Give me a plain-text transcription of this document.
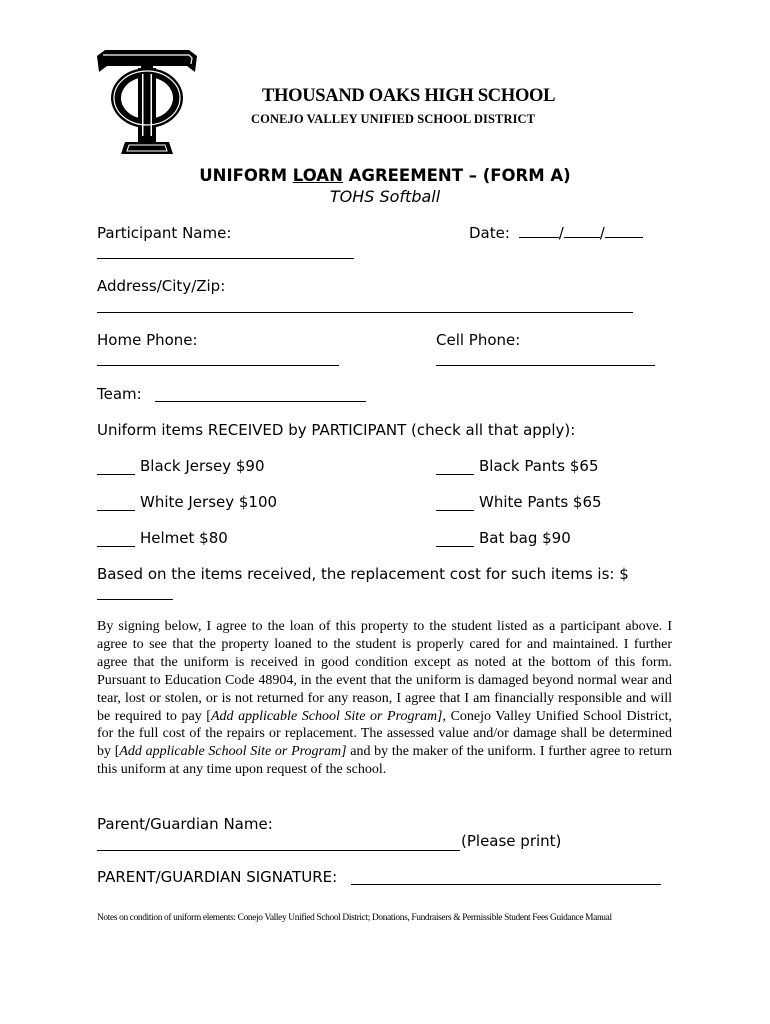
TO
THOUSAND OAKS HIGH SCHOOL
CONEJO VALLEY UNIFIED SCHOOL DISTRICT
UNIFORM LOAN AGREEMENT – (FORM A)
TOHS Softball
Participant Name:	Date:	/ /
Address/City/Zip:
Home Phone:	Cell Phone:
Team:
Uniform items RECEIVED by PARTICIPANT (check all that apply):
Black Jersey $90	Black Pants $65
White Jersey $100	White Pants $65
Helmet $80	Bat bag $90
Based on the items received, the replacement cost for such items is: $
By signing below, I agree to the loan of this property to the student listed as a participant above. I agree to see that the property loaned to the student is properly cared for and maintained. I further agree that the uniform is received in good condition except as noted at the bottom of this form. Pursuant to Education Code 48904, in the event that the uniform is damaged beyond normal wear and tear, lost or stolen, or is not returned for any reason, I agree that I am financially responsible and will be required to pay [Add applicable School Site or Program], Conejo Valley Unified School District, for the full cost of the repairs or replacement. The assessed value and/or damage shall be determined by [Add applicable School Site or Program] and by the maker of the uniform. I further agree to return this uniform at any time upon request of the school.
Parent/Guardian Name:
(Please print)
PARENT/GUARDIAN SIGNATURE:
Notes on condition of uniform elements: Conejo Valley Unified School District; Donations, Fundraisers & Permissible Student Fees Guidance Manual
